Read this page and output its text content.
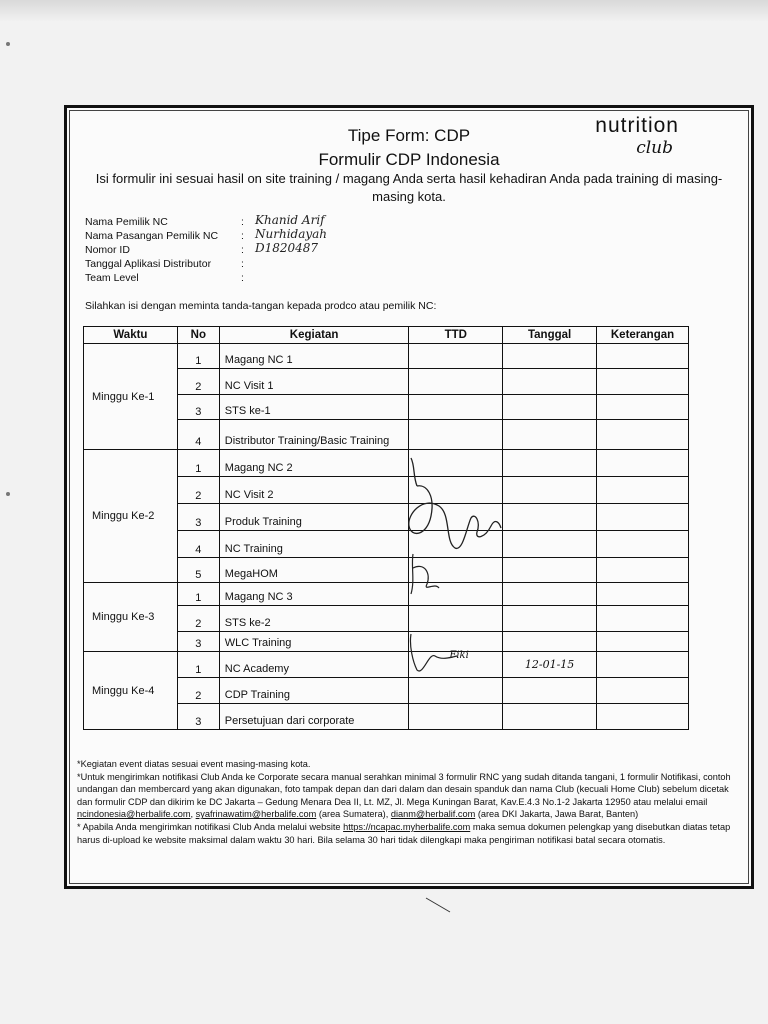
Tipe Form: CDP
Formulir CDP Indonesia
Isi formulir ini sesuai hasil on site training / magang Anda serta hasil kehadiran Anda pada training di masing-masing kota.
nutrition
club
Nama Pemilik NC	: Khanid Arif
Nama Pasangan Pemilik NC : Nurhidayah
Nomor ID	: D1820487
Tanggal Aplikasi Distributor	:
Team Level	:
Silahkan isi dengan meminta tanda-tangan kepada prodco atau pemilik NC:
Waktu	No	Kegiatan	TTD	Tanggal	Keterangan
Minggu Ke-1	1	Magang NC 1			
	2	NC Visit 1			
	3	STS ke-1			
	4	Distributor Training/Basic Training			
Minggu Ke-2	1	Magang NC 2			
	2	NC Visit 2			
	3	Produk Training			
	4	NC Training			
	5	MegaHOM			
Minggu Ke-3	1	Magang NC 3			
	2	STS ke-2			
	3	WLC Training			
Minggu Ke-4	1	NC Academy	Fiki	12-01-15	
	2	CDP Training			
	3	Persetujuan dari corporate			

*Kegiatan event diatas sesuai event masing-masing kota.

*Untuk mengirimkan notifikasi Club Anda ke Corporate secara manual serahkan minimal 3 formulir RNC yang sudah ditanda tangani, 1 formulir Notifikasi, contoh undangan dan membercard yang akan digunakan, foto tampak depan dan dari dalam dan desain spanduk dan nama Club (kecuali Home Club) sebelum dicetak dan formulir CDP dan dikirim ke DC Jakarta – Gedung Menara Dea II, Lt. MZ, Jl. Mega Kuningan Barat, Kav.E.4.3 No.1-2 Jakarta 12950 atau melalui email ncindonesia@herbalife.com, syafrinawatim@herbalife.com (area Sumatera), dianm@herbalif.com (area DKI Jakarta, Jawa Barat, Banten)

* Apabila Anda mengirimkan notifikasi Club Anda melalui website https://ncapac.myherbalife.com maka semua dokumen pelengkap yang disebutkan diatas tetap harus di-upload ke website maksimal dalam waktu 30 hari. Bila selama 30 hari tidak dilengkapi maka pengiriman notifikasi batal secara otomatis.
